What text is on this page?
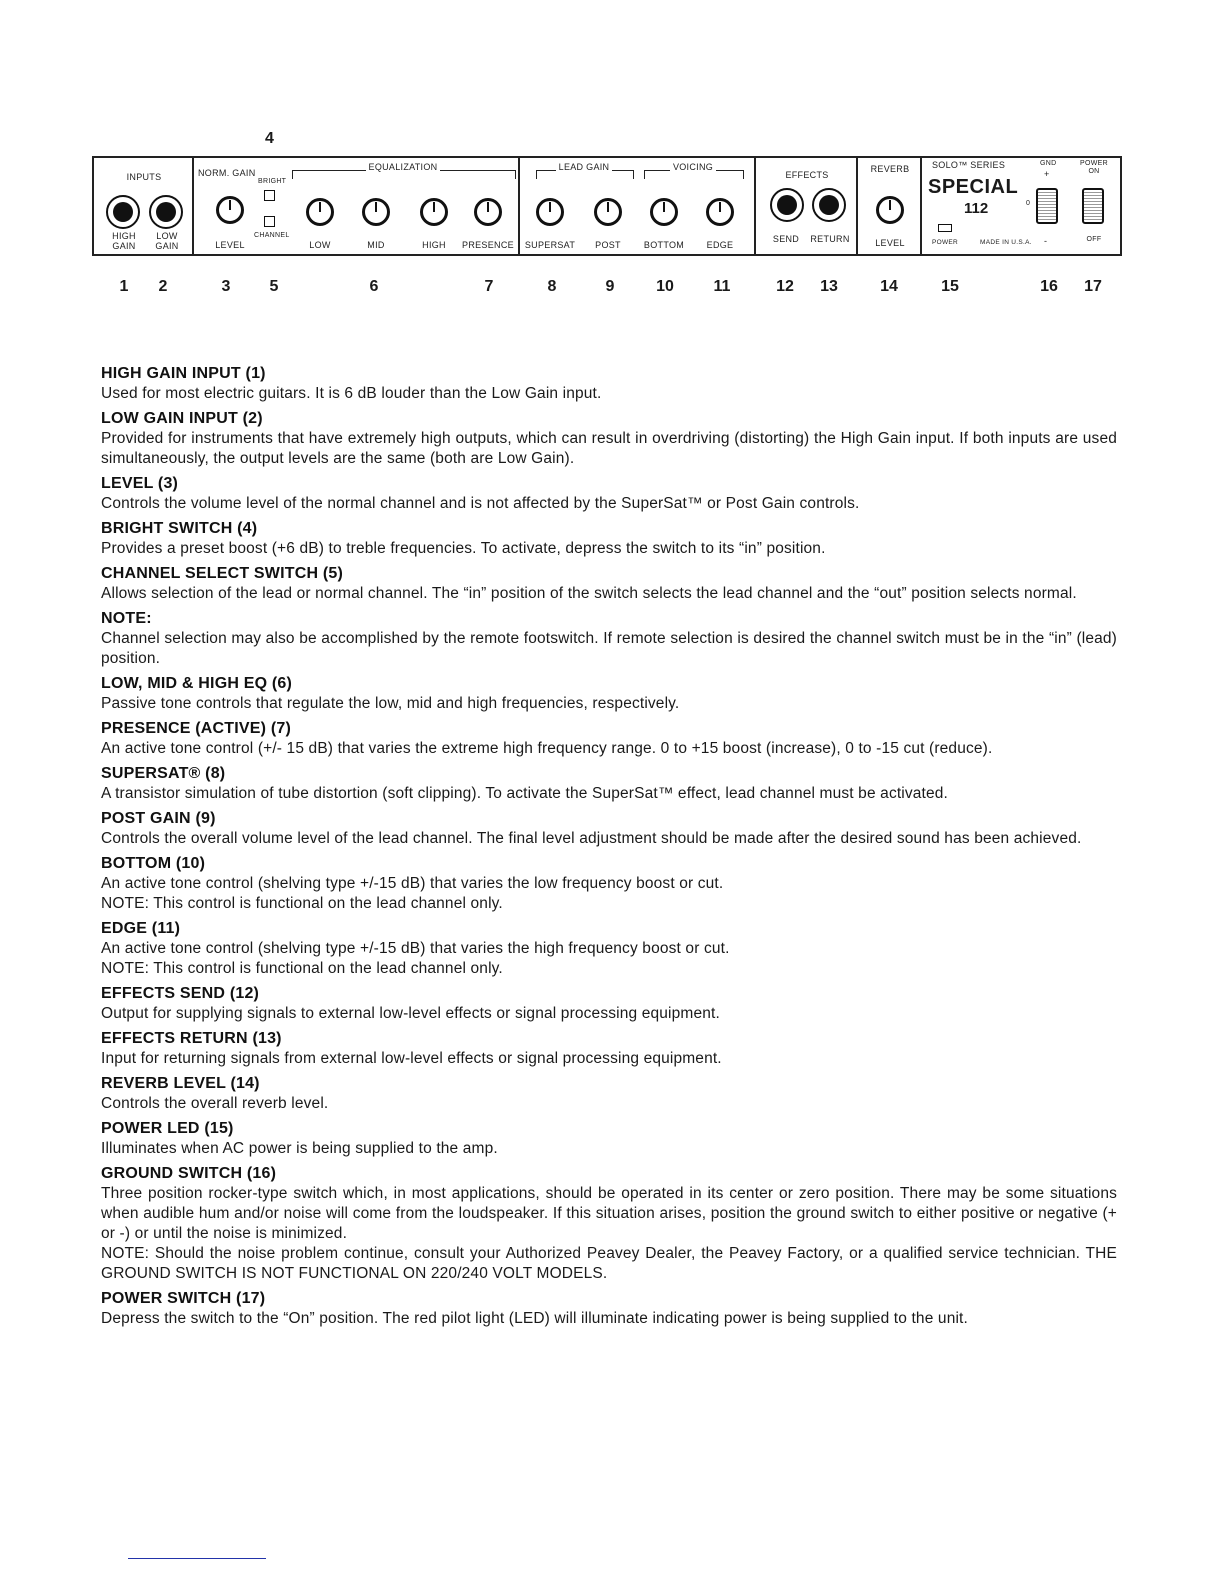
4
INPUTS
HIGH GAIN
LOW GAIN
NORM. GAIN
BRIGHT
CHANNEL
LEVEL
EQUALIZATION
LOW	MID	HIGH	PRESENCE
LEAD GAIN	VOICING
SUPERSAT	POST	BOTTOM	EDGE
EFFECTS
SEND	RETURN
REVERB
LEVEL
SOLO™ SERIES
SPECIAL
112
POWER	MADE IN U.S.A.
GND
+
0
-
POWER ON
OFF
1 2	3 5	6	7	8	9	10 11	12 13	14	15	16 17
HIGH GAIN INPUT (1)

Used for most electric guitars. It is 6 dB louder than the Low Gain input.

LOW GAIN INPUT (2)

Provided for instruments that have extremely high outputs, which can result in overdriving (distorting) the High Gain input. If both inputs are used simultaneously, the output levels are the same (both are Low Gain).

LEVEL (3)

Controls the volume level of the normal channel and is not affected by the SuperSat™ or Post Gain controls.

BRIGHT SWITCH (4)

Provides a preset boost (+6 dB) to treble frequencies. To activate, depress the switch to its “in” position.

CHANNEL SELECT SWITCH (5)

Allows selection of the lead or normal channel. The “in” position of the switch selects the lead channel and the “out” position selects normal.

NOTE:

Channel selection may also be accomplished by the remote footswitch. If remote selection is desired the channel switch must be in the “in” (lead) position.

LOW, MID & HIGH EQ (6)

Passive tone controls that regulate the low, mid and high frequencies, respectively.

PRESENCE (ACTIVE) (7)

An active tone control (+/- 15 dB) that varies the extreme high frequency range. 0 to +15 boost (increase), 0 to -15 cut (reduce).

SUPERSAT® (8)

A transistor simulation of tube distortion (soft clipping). To activate the SuperSat™ effect, lead channel must be activated.

POST GAIN (9)

Controls the overall volume level of the lead channel. The final level adjustment should be made after the desired sound has been achieved.

BOTTOM (10)

An active tone control (shelving type +/-15 dB) that varies the low frequency boost or cut.

NOTE: This control is functional on the lead channel only.

EDGE (11)

An active tone control (shelving type +/-15 dB) that varies the high frequency boost or cut.

NOTE: This control is functional on the lead channel only.

EFFECTS SEND (12)

Output for supplying signals to external low-level effects or signal processing equipment.

EFFECTS RETURN (13)

Input for returning signals from external low-level effects or signal processing equipment.

REVERB LEVEL (14)

Controls the overall reverb level.

POWER LED (15)

Illuminates when AC power is being supplied to the amp.

GROUND SWITCH (16)

Three position rocker-type switch which, in most applications, should be operated in its center or zero position. There may be some situations when audible hum and/or noise will come from the loudspeaker. If this situation arises, position the ground switch to either positive or negative (+ or -) or until the noise is minimized.

NOTE: Should the noise problem continue, consult your Authorized Peavey Dealer, the Peavey Factory, or a qualified service technician. THE GROUND SWITCH IS NOT FUNCTIONAL ON 220/240 VOLT MODELS.

POWER SWITCH (17)

Depress the switch to the “On” position. The red pilot light (LED) will illuminate indicating power is being supplied to the unit.
